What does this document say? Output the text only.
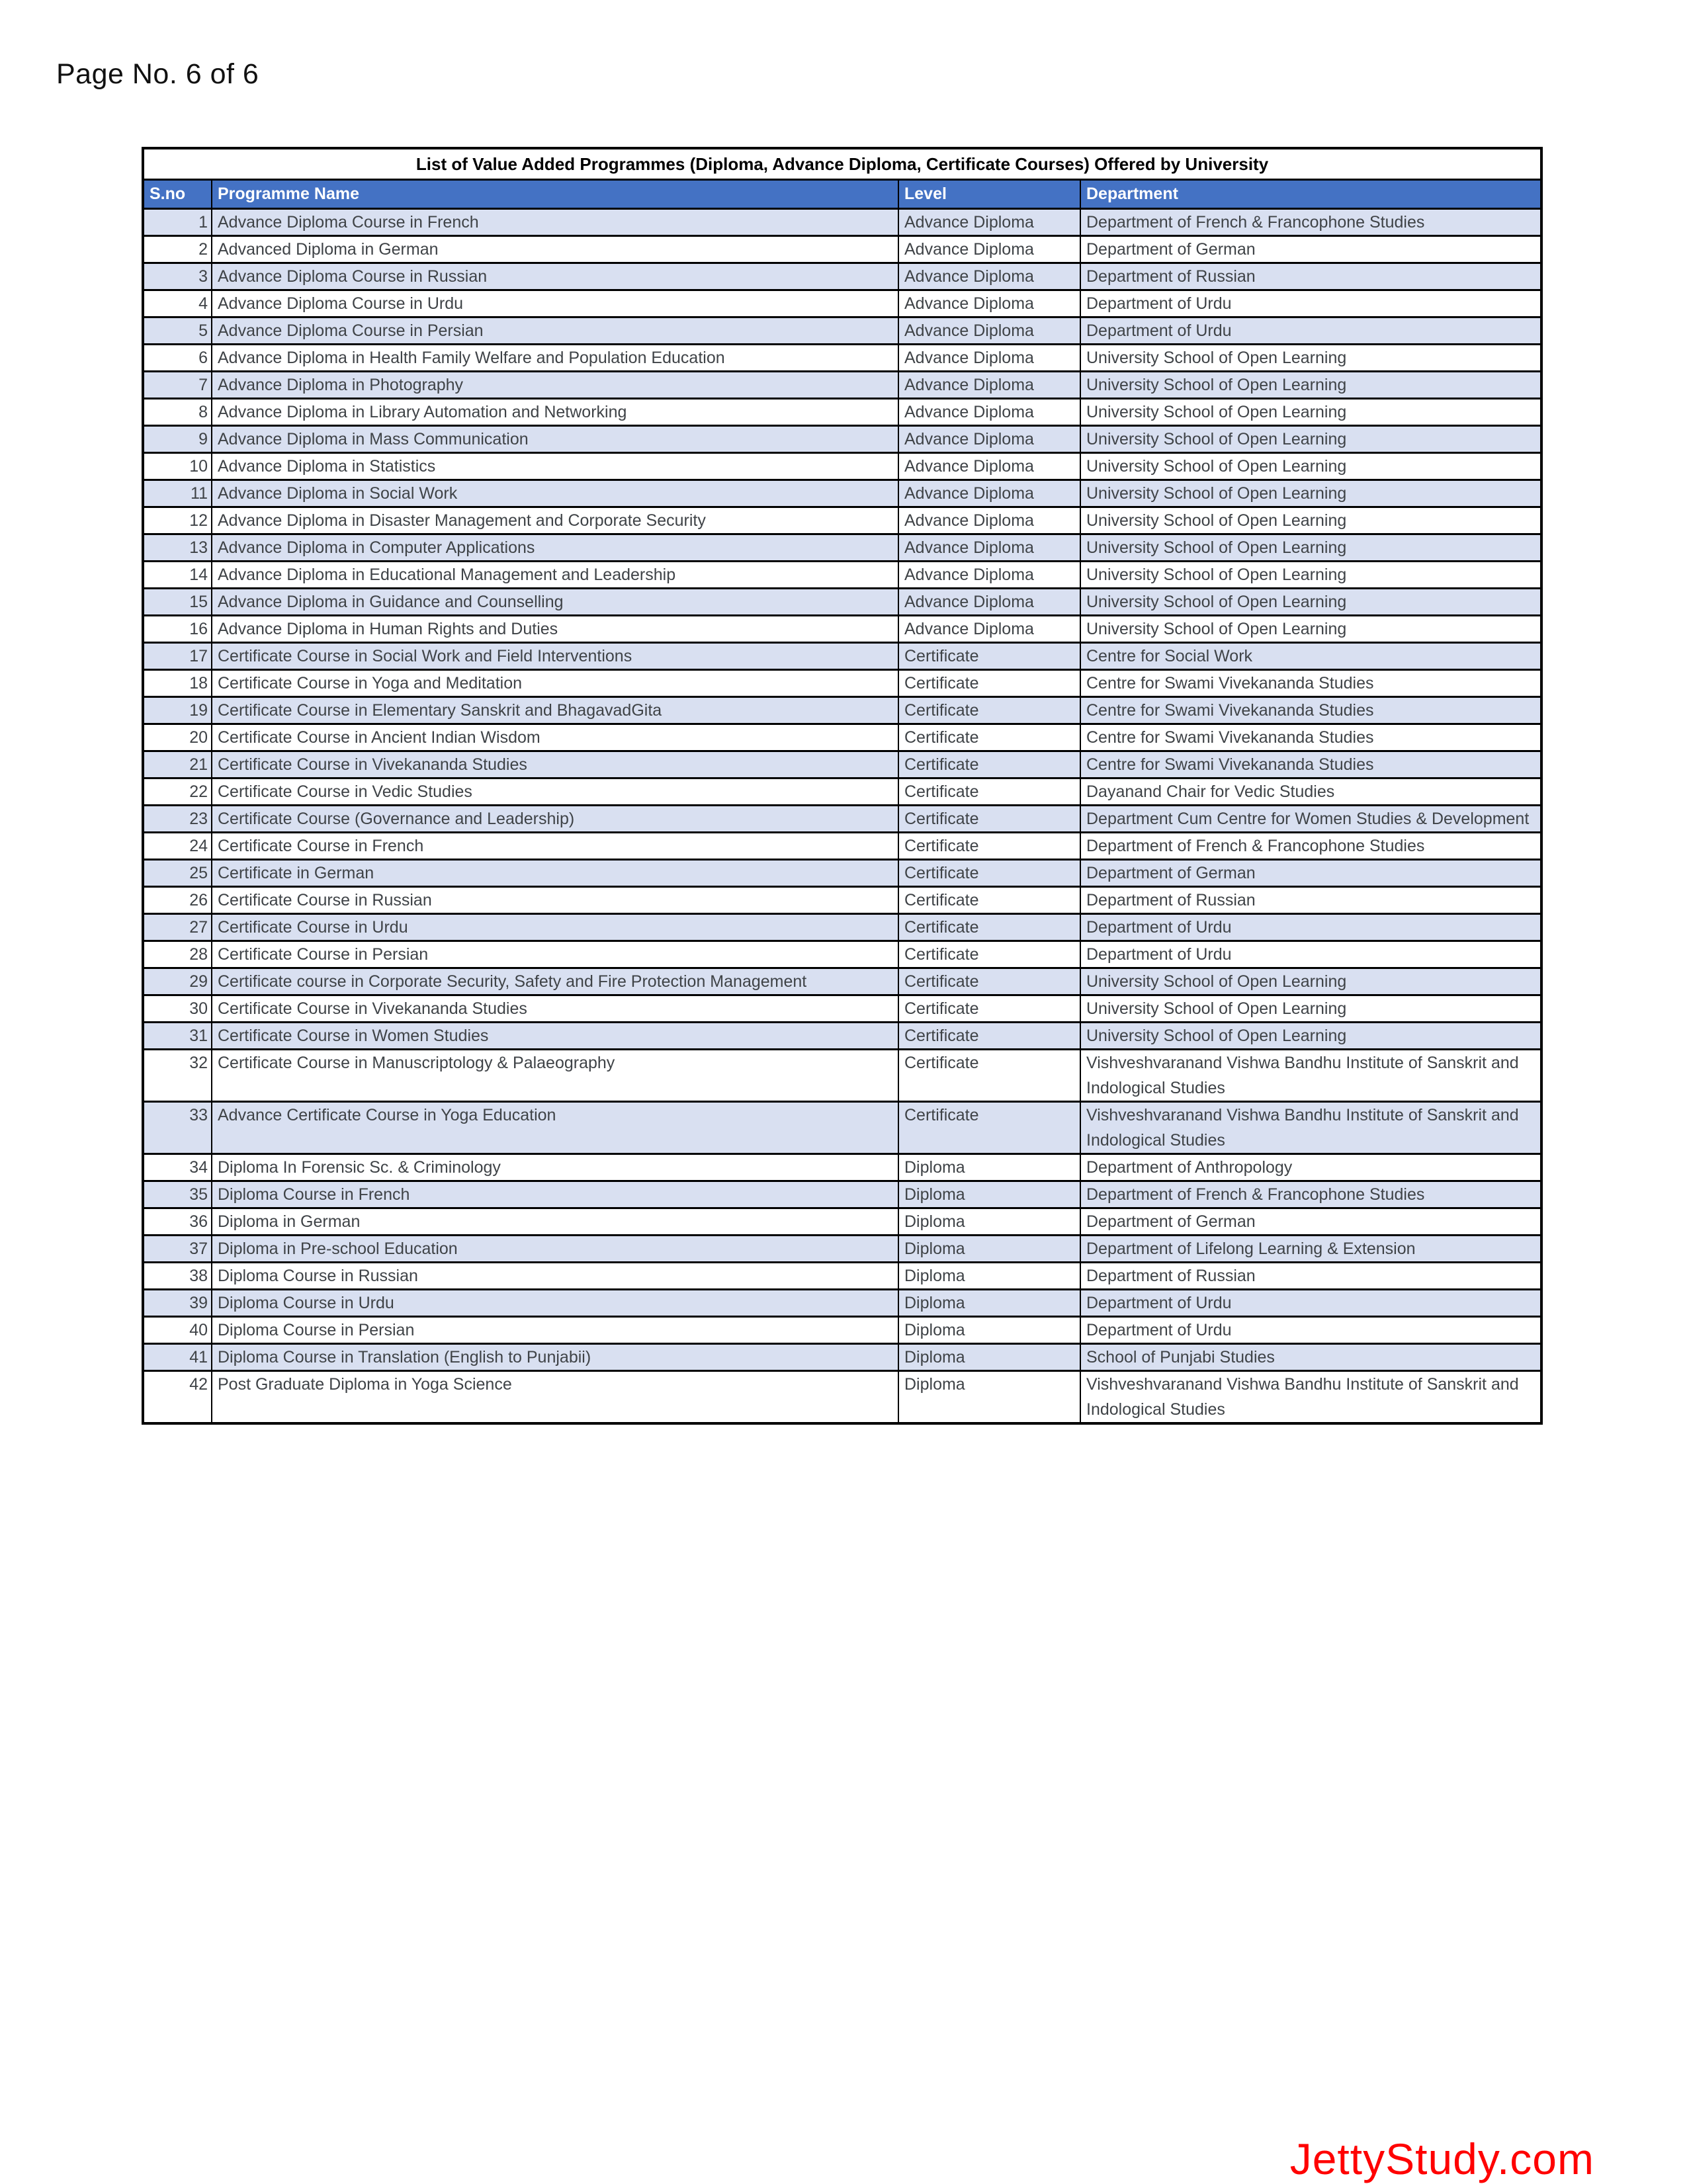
Page No. 6 of 6
List of Value Added Programmes (Diploma, Advance Diploma, Certificate Courses) Offered by University			
S.no	Programme Name	Level	Department
1	Advance Diploma Course in French	Advance Diploma	Department of French & Francophone Studies
2	Advanced Diploma in German	Advance Diploma	Department of German
3	Advance Diploma Course in Russian	Advance Diploma	Department of Russian
4	Advance Diploma Course in Urdu	Advance Diploma	Department of Urdu
5	Advance Diploma Course in Persian	Advance Diploma	Department of Urdu
6	Advance Diploma in Health Family Welfare and Population Education	Advance Diploma	University School of Open Learning
7	Advance Diploma in Photography	Advance Diploma	University School of Open Learning
8	Advance Diploma in Library Automation and Networking	Advance Diploma	University School of Open Learning
9	Advance Diploma in Mass Communication	Advance Diploma	University School of Open Learning
10	Advance Diploma in Statistics	Advance Diploma	University School of Open Learning
11	Advance Diploma in Social Work	Advance Diploma	University School of Open Learning
12	Advance Diploma in Disaster Management and Corporate Security	Advance Diploma	University School of Open Learning
13	Advance Diploma in Computer Applications	Advance Diploma	University School of Open Learning
14	Advance Diploma in Educational Management and Leadership	Advance Diploma	University School of Open Learning
15	Advance Diploma in Guidance and Counselling	Advance Diploma	University School of Open Learning
16	Advance Diploma in Human Rights and Duties	Advance Diploma	University School of Open Learning
17	Certificate Course in Social Work and Field Interventions	Certificate	Centre for Social Work
18	Certificate Course in Yoga and Meditation	Certificate	Centre for Swami Vivekananda Studies
19	Certificate Course in Elementary Sanskrit and BhagavadGita	Certificate	Centre for Swami Vivekananda Studies
20	Certificate Course in Ancient Indian Wisdom	Certificate	Centre for Swami Vivekananda Studies
21	Certificate Course in Vivekananda Studies	Certificate	Centre for Swami Vivekananda Studies
22	Certificate Course in Vedic Studies	Certificate	Dayanand Chair for Vedic Studies
23	Certificate Course (Governance and Leadership)	Certificate	Department Cum Centre for Women Studies & Development
24	Certificate Course in French	Certificate	Department of French & Francophone Studies
25	Certificate in German	Certificate	Department of German
26	Certificate Course in Russian	Certificate	Department of Russian
27	Certificate Course in Urdu	Certificate	Department of Urdu
28	Certificate Course in Persian	Certificate	Department of Urdu
29	Certificate course in Corporate Security, Safety and Fire Protection Management	Certificate	University School of Open Learning
30	Certificate Course in Vivekananda Studies	Certificate	University School of Open Learning
31	Certificate Course in Women Studies	Certificate	University School of Open Learning
32	Certificate Course in Manuscriptology & Palaeography	Certificate	Vishveshvaranand Vishwa Bandhu Institute of Sanskrit and Indological Studies
33	Advance Certificate Course in Yoga Education	Certificate	Vishveshvaranand Vishwa Bandhu Institute of Sanskrit and Indological Studies
34	Diploma In Forensic Sc. & Criminology	Diploma	Department of Anthropology
35	Diploma Course in French	Diploma	Department of French & Francophone Studies
36	Diploma in German	Diploma	Department of German
37	Diploma in Pre-school Education	Diploma	Department of Lifelong Learning & Extension
38	Diploma Course in Russian	Diploma	Department of Russian
39	Diploma Course in Urdu	Diploma	Department of Urdu
40	Diploma Course in Persian	Diploma	Department of Urdu
41	Diploma Course in Translation (English to Punjabii)	Diploma	School of Punjabi Studies
42	Post Graduate Diploma in Yoga Science	Diploma	Vishveshvaranand Vishwa Bandhu Institute of Sanskrit and Indological Studies
JettyStudy.com
